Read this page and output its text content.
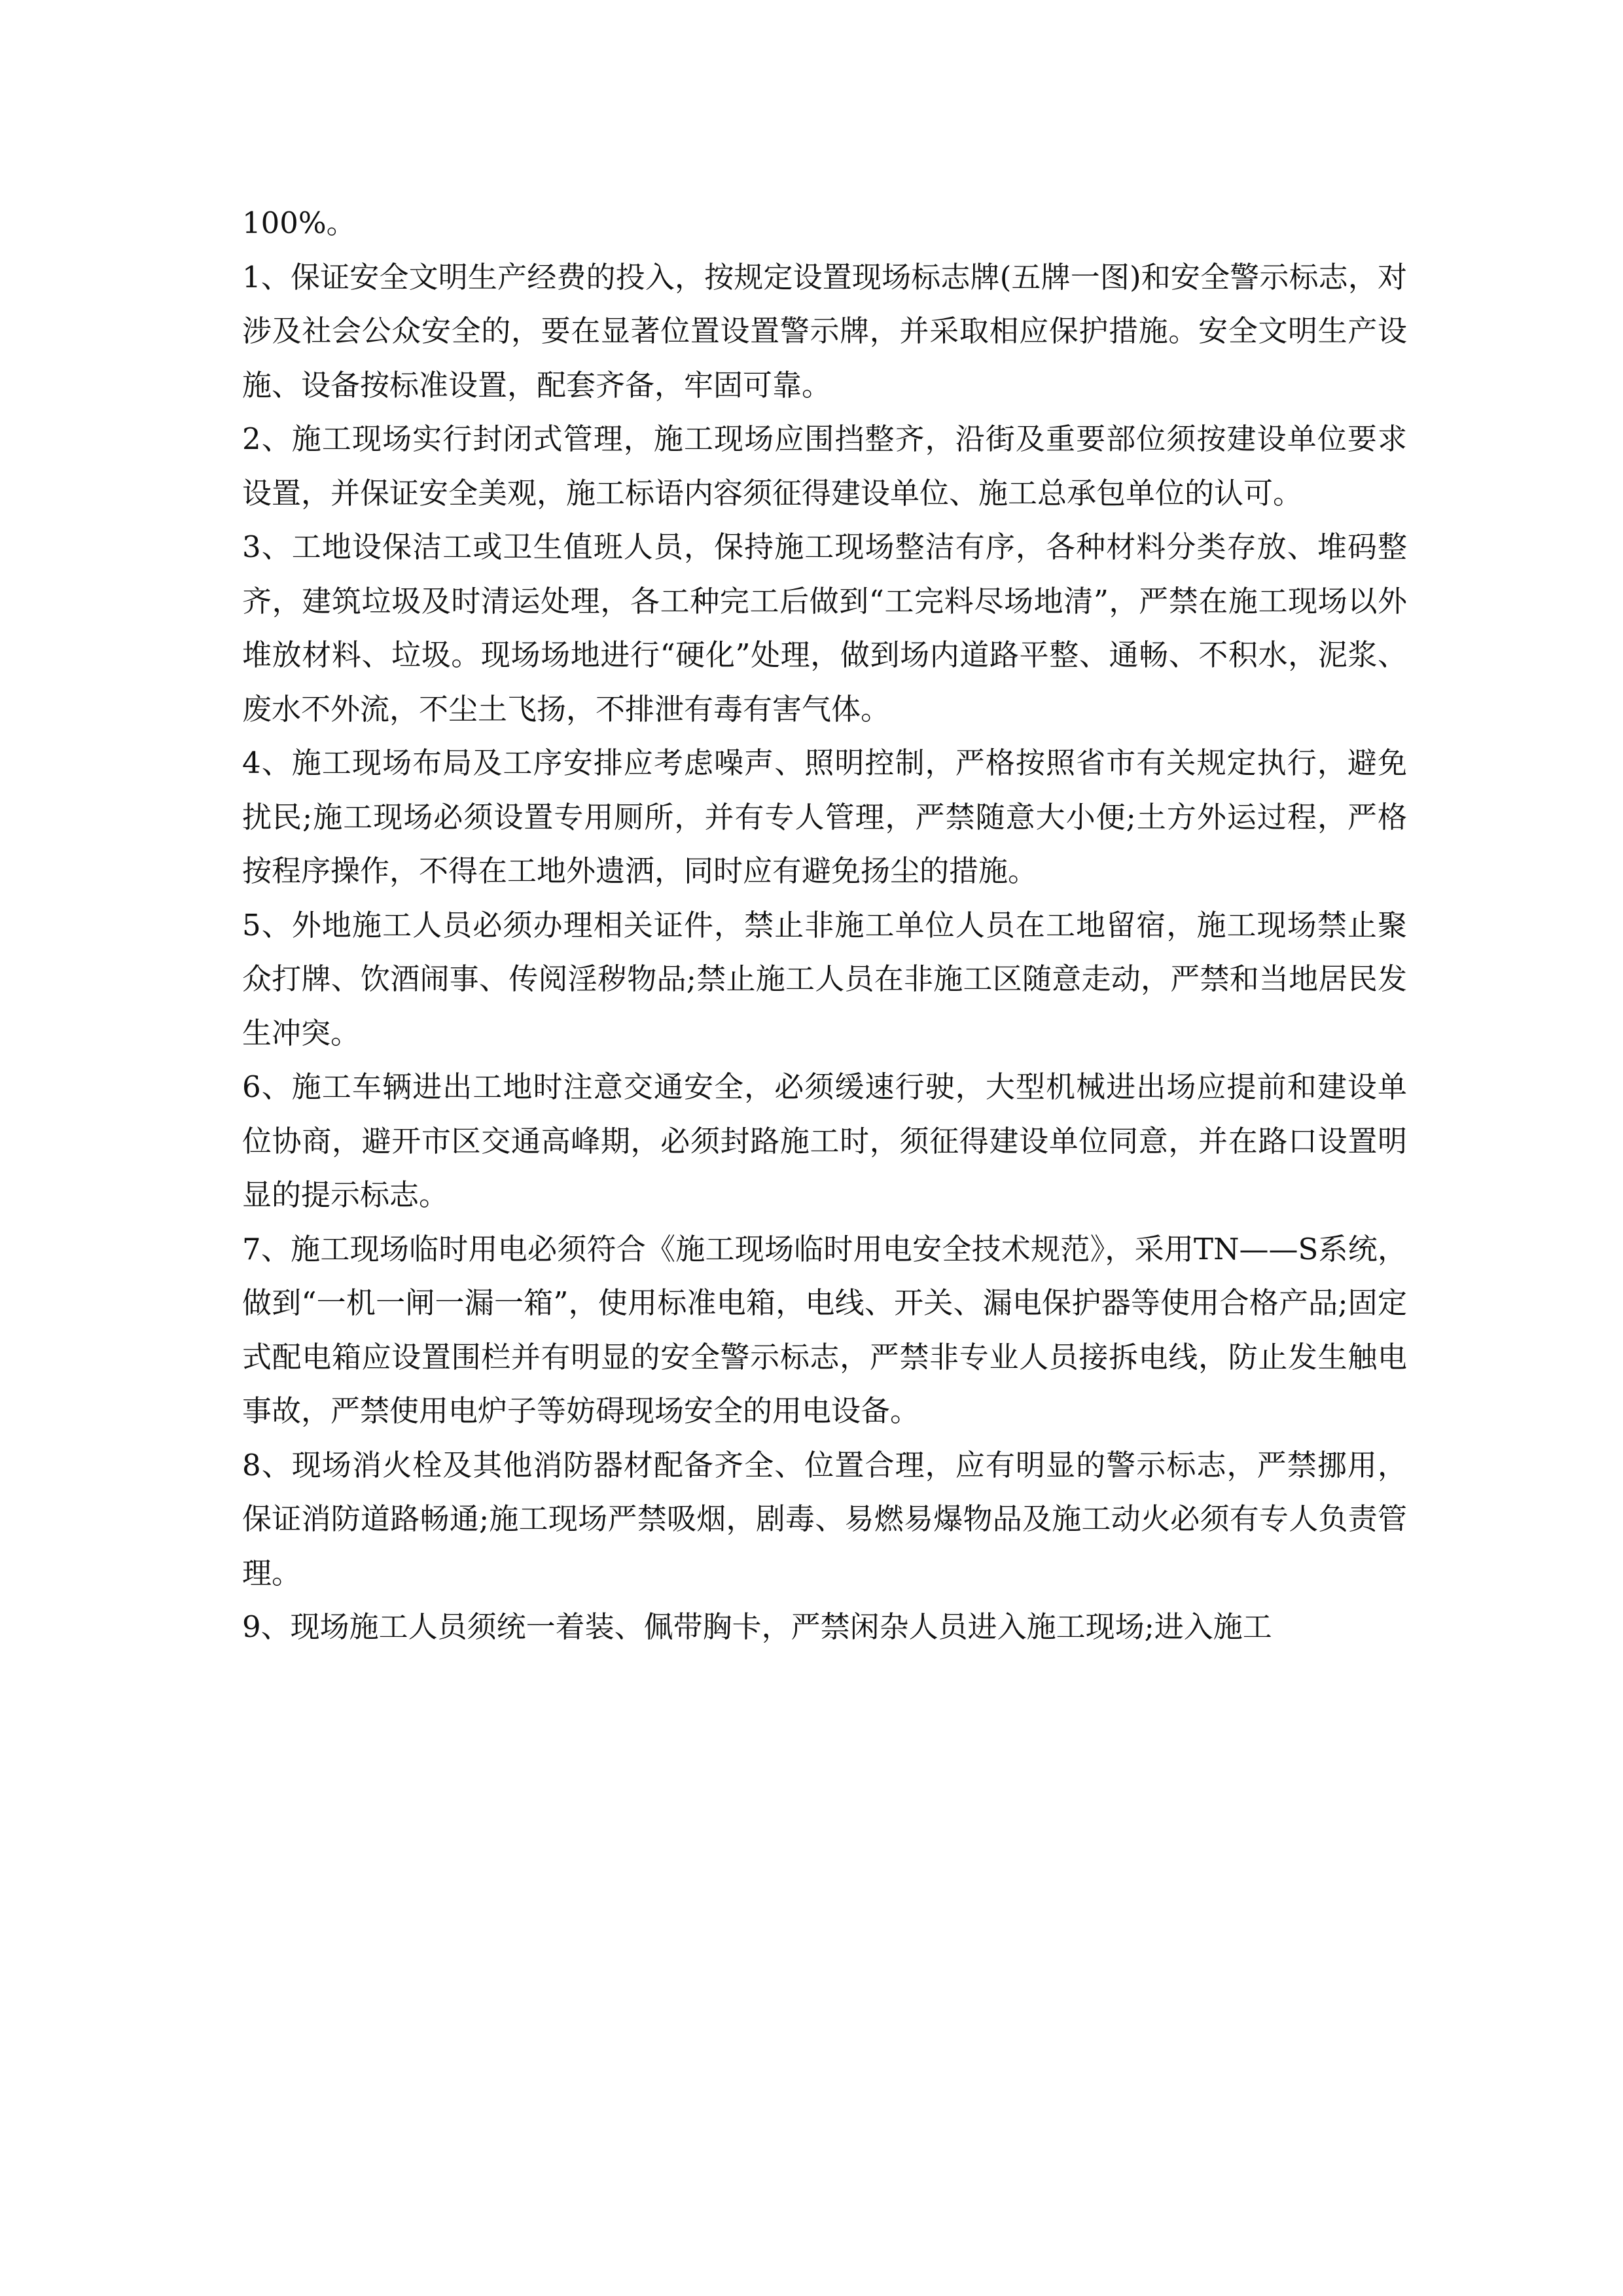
100%。

1、保证安全文明生产经费的投入，按规定设置现场标志牌(五牌一图)和安全警示标志，对涉及社会公众安全的，要在显著位置设置警示牌，并采取相应保护措施。安全文明生产设施、设备按标准设置，配套齐备，牢固可靠。

2、施工现场实行封闭式管理，施工现场应围挡整齐，沿街及重要部位须按建设单位要求设置，并保证安全美观，施工标语内容须征得建设单位、施工总承包单位的认可。

3、工地设保洁工或卫生值班人员，保持施工现场整洁有序，各种材料分类存放、堆码整齐，建筑垃圾及时清运处理，各工种完工后做到“工完料尽场地清”，严禁在施工现场以外堆放材料、垃圾。现场场地进行“硬化”处理，做到场内道路平整、通畅、不积水，泥浆、废水不外流，不尘土飞扬，不排泄有毒有害气体。

4、施工现场布局及工序安排应考虑噪声、照明控制，严格按照省市有关规定执行，避免扰民;施工现场必须设置专用厕所，并有专人管理，严禁随意大小便;土方外运过程，严格按程序操作，不得在工地外遗洒，同时应有避免扬尘的措施。

5、外地施工人员必须办理相关证件，禁止非施工单位人员在工地留宿，施工现场禁止聚众打牌、饮酒闹事、传阅淫秽物品;禁止施工人员在非施工区随意走动，严禁和当地居民发生冲突。

6、施工车辆进出工地时注意交通安全，必须缓速行驶，大型机械进出场应提前和建设单位协商，避开市区交通高峰期，必须封路施工时，须征得建设单位同意，并在路口设置明显的提示标志。

7、施工现场临时用电必须符合《施工现场临时用电安全技术规范》，采用TN——S系统，做到“一机一闸一漏一箱”，使用标准电箱，电线、开关、漏电保护器等使用合格产品;固定式配电箱应设置围栏并有明显的安全警示标志，严禁非专业人员接拆电线，防止发生触电事故，严禁使用电炉子等妨碍现场安全的用电设备。

8、现场消火栓及其他消防器材配备齐全、位置合理，应有明显的警示标志，严禁挪用，保证消防道路畅通;施工现场严禁吸烟，剧毒、易燃易爆物品及施工动火必须有专人负责管理。

9、现场施工人员须统一着装、佩带胸卡，严禁闲杂人员进入施工现场;进入施工
